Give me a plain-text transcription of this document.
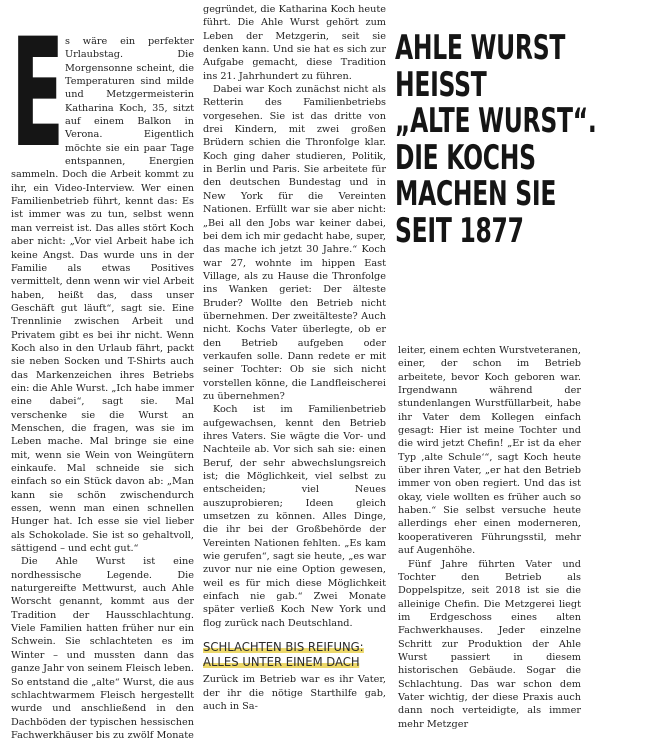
E s wäre ein perfekter Urlaubstag. Die Morgensonne scheint, die Temperaturen sind milde und Metzgermeisterin Katharina Koch, 35, sitzt auf einem Balkon in Verona. Eigentlich möchte sie ein paar Tage entspannen, Energien sammeln. Doch die Arbeit kommt zu ihr, ein Video-Interview. Wer einen Familienbetrieb führt, kennt das: Es ist immer was zu tun, selbst wenn man verreist ist. Das alles stört Koch aber nicht: „Vor viel Arbeit habe ich keine Angst. Das wurde uns in der Familie als etwas Positives vermittelt, denn wenn wir viel Arbeit haben, heißt das, dass unser Geschäft gut läuft“, sagt sie. Eine Trennlinie zwischen Arbeit und Privatem gibt es bei ihr nicht. Wenn Koch also in den Urlaub fährt, packt sie neben Socken und T-Shirts auch das Markenzeichen ihres Betriebs ein: die Ahle Wurst. „Ich habe immer eine dabei“, sagt sie. Mal verschenke sie die Wurst an Menschen, die fragen, was sie im Leben mache. Mal bringe sie eine mit, wenn sie Wein von Weingütern einkaufe. Mal schneide sie sich einfach so ein Stück davon ab: „Man kann sie schön zwischendurch essen, wenn man einen schnellen Hunger hat. Ich esse sie viel lieber als Schokolade. Sie ist so gehaltvoll, sättigend – und echt gut.“

Die Ahle Wurst ist eine nordhessische Legende. Die naturgereifte Mettwurst, auch Ahle Worscht genannt, kommt aus der Tradition der Hausschlachtung. Viele Familien hatten früher nur ein Schwein. Sie schlachteten es im Winter – und mussten dann das ganze Jahr von seinem Fleisch leben. So entstand die „alte“ Wurst, die aus schlachtwarmem Fleisch hergestellt wurde und anschließend in den Dachböden der typischen hessischen Fachwerkhäuser bis zu zwölf Monate

gegründet, die Katharina Koch heute führt. Die Ahle Wurst gehört zum Leben der Metzgerin, seit sie denken kann. Und sie hat es sich zur Aufgabe gemacht, diese Tradition ins 21. Jahrhundert zu führen.

Dabei war Koch zunächst nicht als Retterin des Familienbetriebs vorgesehen. Sie ist das dritte von drei Kindern, mit zwei großen Brüdern schien die Thronfolge klar. Koch ging daher studieren, Politik, in Berlin und Paris. Sie arbeitete für den deutschen Bundestag und in New York für die Vereinten Nationen. Erfüllt war sie aber nicht: „Bei all den Jobs war keiner dabei, bei dem ich mir gedacht habe, super, das mache ich jetzt 30 Jahre.“ Koch war 27, wohnte im hippen East Village, als zu Hause die Thronfolge ins Wanken geriet: Der älteste Bruder? Wollte den Betrieb nicht übernehmen. Der zweitälteste? Auch nicht. Kochs Vater überlegte, ob er den Betrieb aufgeben oder verkaufen solle. Dann redete er mit seiner Tochter: Ob sie sich nicht vorstellen könne, die Landfleischerei zu übernehmen?

Koch ist im Familienbetrieb aufgewachsen, kennt den Betrieb ihres Vaters. Sie wägte die Vor- und Nachteile ab. Vor sich sah sie: einen Beruf, der sehr abwechslungsreich ist; die Möglichkeit, viel selbst zu entscheiden; viel Neues auszuprobieren; Ideen gleich umsetzen zu können. Alles Dinge, die ihr bei der Großbehörde der Vereinten Nationen fehlten. „Es kam wie gerufen“, sagt sie heute, „es war zuvor nur nie eine Option gewesen, weil es für mich diese Möglichkeit einfach nie gab.“ Zwei Monate später verließ Koch New York und flog zurück nach Deutschland.

SCHLACHTEN BIS REIFUNG:
ALLES UNTER EINEM DACH

Zurück im Betrieb war es ihr Vater, der ihr die nötige Starthilfe gab, auch in Sa-

AHLE WURST
HEISST
„ALTE WURST“.
DIE KOCHS
MACHEN SIE
SEIT 1877

leiter, einem echten Wurstveteranen, einer, der schon im Betrieb arbeitete, bevor Koch geboren war. Irgendwann während der stundenlangen Wurstfüllarbeit, habe ihr Vater dem Kollegen einfach gesagt: Hier ist meine Tochter und die wird jetzt Chefin! „Er ist da eher Typ ‚alte Schule‘“, sagt Koch heute über ihren Vater, „er hat den Betrieb immer von oben regiert. Und das ist okay, viele wollten es früher auch so haben.“ Sie selbst versuche heute allerdings eher einen moderneren, kooperativeren Führungsstil, mehr auf Augenhöhe.

Fünf Jahre führten Vater und Tochter den Betrieb als Doppelspitze, seit 2018 ist sie die alleinige Chefin. Die Metzgerei liegt im Erdgeschoss eines alten Fachwerkhauses. Jeder einzelne Schritt zur Produktion der Ahle Wurst passiert in diesem historischen Gebäude. Sogar die Schlachtung. Das war schon dem Vater wichtig, der diese Praxis auch dann noch verteidigte, als immer mehr Metzger
